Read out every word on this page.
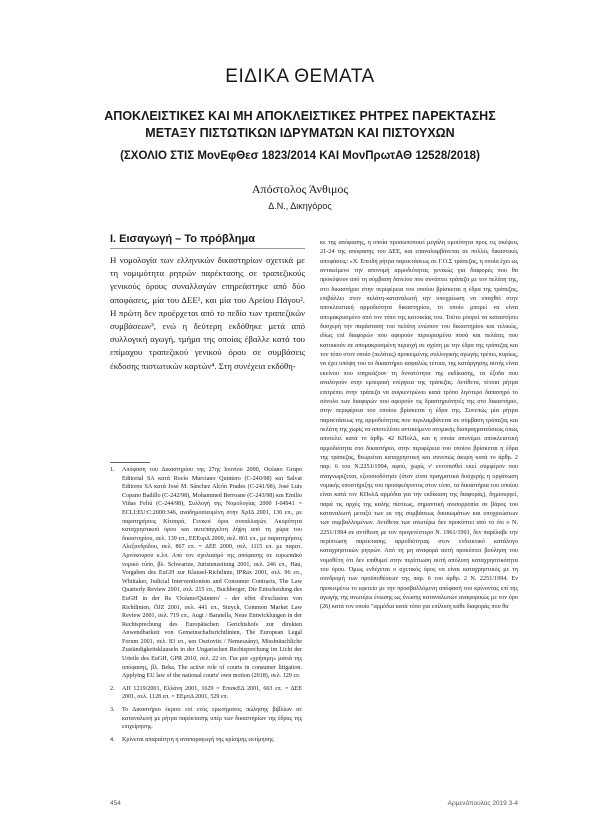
ΕΙΔΙΚΑ ΘΕΜΑΤΑ
ΑΠΟΚΛΕΙΣΤΙΚΕΣ ΚΑΙ ΜΗ ΑΠΟΚΛΕΙΣΤΙΚΕΣ ΡΗΤΡΕΣ ΠΑΡΕΚΤΑΣΗΣ
ΜΕΤΑΞΥ ΠΙΣΤΩΤΙΚΩΝ ΙΔΡΥΜΑΤΩΝ ΚΑΙ ΠΙΣΤΟΥΧΩΝ
(ΣΧΟΛΙΟ ΣΤΙΣ ΜονΕφΘεσ 1823/2014 ΚΑΙ ΜονΠρωτΑΘ 12528/2018)
Απόστολος Άνθιμος
Δ.Ν., Δικηγόρος
I. Εισαγωγή – Το πρόβλημα
Η νομολογία των ελληνικών δικαστηρίων σχετικά με τη νομιμότητα ρητρών παρέκτασης σε τραπεζικούς γενικούς όρους συναλλαγών επηρεάστηκε από δύο αποφάσεις, μία του ΔΕΕ¹, και μία του Αρείου Πάγου². Η πρώτη δεν προέρχεται από το πεδίο των τραπεζικών συμβάσεων³, ενώ η δεύτερη εκδόθηκε μετά από συλλογική αγωγή, τμήμα της οποίας έβαλλε κατά του επίμαχου τραπεζικού γενικού όρου σε συμβάσεις έκδοσης πιστωτικών καρτών⁴. Στη συνέχεια εκδόθη-
1. Απόφαση του Δικαστηρίου της 27ης Ιουνίου 2000, Océano Grupo Editorial SA κατά Rocío Murciano Quintero (C-240/98) και Salvat Editores SA κατά José M. Sánchez Alcón Prades (C-241/98), José Luis Copano Badillo (C-242/98), Mohammed Berroane (C-243/98) και Emilio Viñas Feliú (C-244/98), Συλλογή της Νομολογίας 2000 I-04941 = ECLI:EU:C:2000:346, αναδημοσιευμένη στην ΧρΙΔ 2001, 136 επ., με παρατηρήσεις Κίτσαρά, Γενικοί όροι συναλλαγών. Ακυρότητα καταχρηστικού όρου και αυτεπάγγελτη λήψη από τη χώρα του δικαστηρίου, σελ. 139 επ., ΕΕΕυρΔ 2000, σελ. 861 επ., με παρατηρήσεις Αλεξανδρίδου, σελ. 867 επ. = ΔΕΕ 2000, σελ. 1115 επ. με παρατ. Αρνόκουρου κ.λπ. Από τον σχολιασμό της απόφασης σε ευρωπαϊκό νομικό τύπο, βλ. Schwartze, Juristenzeitung 2001, σελ. 246 επ., Hau, Vorgaben des EuGH zur Klausel-Richtlinie, IPRax 2001, σελ. 96 επ., Whittaker, Judicial Interventionism and Consumer Contracts, The Law Quarterly Review 2001, σελ. 215 επ., Buchberger, Die Entscheidung des EuGH in der Rs 'Océano/Quintero' - der effet d'exclusion von Richtlinien, ÖJZ 2001, σελ. 441 επ., Stuyck, Common Market Law Review 2001, σελ. 719 επ., Augi / Baratella, Neue Entwicklungen in der Rechtsprechung des Europäischen Gerichtshofs zur direkten Anwendbarkeit von Gemeinschaftsrichtlinien, The European Legal Forum 2001, σελ. 83 επ., και Osztovits / Nemeszányi, Missbräuchliche Zuständigkeitsklauseln in der Ungarischen Rechtsprechung im Licht der Urteile des EuGH, GPR 2010, σελ. 22 επ. Για μια «χρήσιμη» ματιά της απόφασης, βλ. Beka, The active role of courts in consumer litigation. Applying EU law of the national courts' own motion (2018), σελ. 129 επ.
2. ΑΠ 1219/2001, Ελλάνη 2001, 1629 = ΕπισκΕΔ 2001, 663 επ. = ΔΕΕ 2001, σελ. 1128 επ. = ΕΕμπΔ 2001, 529 επ.
3. Το Δικαστήριο έκρινε επί ενός ερωτήματος πώλησης βιβλίων σε καταναλωτή με ρήτρα παρέκτασης υπέρ των δικαστηρίων της έδρας της επιχείρησης.
4. Κρίνεται απαραίτητη η αναπαραγωγή της κρίσιμης εκτίμησης

κε της απόφασης, η οποία προσωποποιεί μεγάλη ομοιότητα προς τις σκέψεις 21-24 της απόφασης του ΔΕΕ, και επαναλαμβάνεται σε πολλές δικαστικές αποφάσεις: «Χ. Επειδή ρήτρα παρεκτάσεως σε Γ.Ο.Σ τράπεζας, η οποία έχει ως αντικείμενο την απονομή αρμοδιότητας γενικώς για διαφορές που θα προκύψουν από τη σύμβαση δανείου που συνάπτει τράπεζα με τον πελάτη της, στο δικαστήριο στην περιφέρεια του οποίου βρίσκεται η έδρα της τράπεζας, επιβάλλει στον πελάτη-καταναλωτή την υποχρέωση να υπαχθεί στην αποκλειστική αρμοδιότητα δικαστηρίου, το οποίο μπορεί να είναι απομακρυσμένο από τον τόπο της κατοικίας του. Τούτο μπορεί να καταστήσει δυσχερή την παράσταση του πελάτη ενώπιον του δικαστηρίου και τελικώς, ιδίως επί διαφορών που αφορούν περιορισμένα ποσά και πελάτες που κατοικούν σε απομακρυσμένη περιοχή σε σχέση με την έδρα της τράπεζας και τον τόπο στον οποίο (πελάτες) προκειμένης συλλογικής αγωγής τρέπει, κυρίως, να έχει υπόψη του το δικαστήριο ασφαλώς τέτοια, της κατάργησης αυτής είναι εκείνου που επηρεάζουν τη δυνατότητα της εκδίκασης, τα έξοδα που αναλογούν στην εμπορική ενέργεια της τράπεζας. Αντίθετα, τέτοια ρήτρα επιτρέπει στην τράπεζα να συγκεντρώνει κατά τρόπο λιγότερο δαπανηρό το σύνολο των διαφορών που αφορούν τις δραστηριότητές της στο δικαστήριο, στην περιφέρεια του οποίου βρίσκεται η έδρα της. Συνεπώς μία ρήτρα παρεκτάσεως της αρμοδιότητας που περιλαμβάνεται σε σύμβαση τράπεζας και πελάτη της χωρίς να αποτελέσει αντικείμενο ατομικής διαπραγματεύσεως όπως αποτελεί κατά το άρθρ. 42 ΚΠολΔ, και η οποία απονέμει αποκλειστική αρμοδιότητα στο δικαστήριο, στην περιφέρεια του οποίου βρίσκεται η έδρα της τράπεζας, θεωρείται καταχρηστική και συνεπώς άκυρη κατά το άρθρ. 2 παρ. 6 του Ν.2251/1994, αφού, χωρίς ν' εντοπισθεί εκεί συμφέρον που αναγνωρίζεται, εξουσιοδότησε (όταν είναι πραγματικά δυσχερής η οργάνωση νομικής υποστήριξης του προσφεύγοντος στον τόπο, τα δικαστήρια του οποίου είναι κατά τον ΚΠολΔ αρμόδια για την εκδίκαση της διαφοράς), δημιουργεί, παρά τις αρχές της καλής πίστεως, σημαντική ανισορροπία σε βάρος του καταναλωτή μεταξύ των εκ της συμβάσεως δικαιωμάτων και υποχρεώσεων των συμβαλλομένων. Αντίθετα των ανωτέρω δεν προκύπτει από το ότι ο Ν. 2251/1994 σε αντίθεση με τον προγενέστερο Ν. 1961/1991, δεν παρέλαβε την περίπτωση παρέκτασης αρμοδιότητας στον ενδεικτικό κατάλογο καταχρηστικών ρητρών. Από τη μη αναφορά αυτή προκύπτει βούληση του νομοθέτη ότι δεν επιθυμεί στην περίπτωση αυτή απόλυτη καταχρηστικότητα του όρου. Όμως ενδέχεται ο σχετικός όρος να είναι καταχρηστικός με τη συνδρομή των προϋποθέσεων της παρ. 6 του άρθρ. 2 Ν. 2251/1994. Εν προκειμένω το εφετείο με την προσβαλλόμενη απόφασή του κρίνοντας επί της αγωγής της ανωτέρω ένωσης ως ένωσης καταναλωτών αναφορικώς με τον όρο (26) κατά τον οποίο "αρμόδια κατά τόπο για επίλυση κάθε διαφοράς που θα

454	Αρμενόπουλος 2019 3-4
